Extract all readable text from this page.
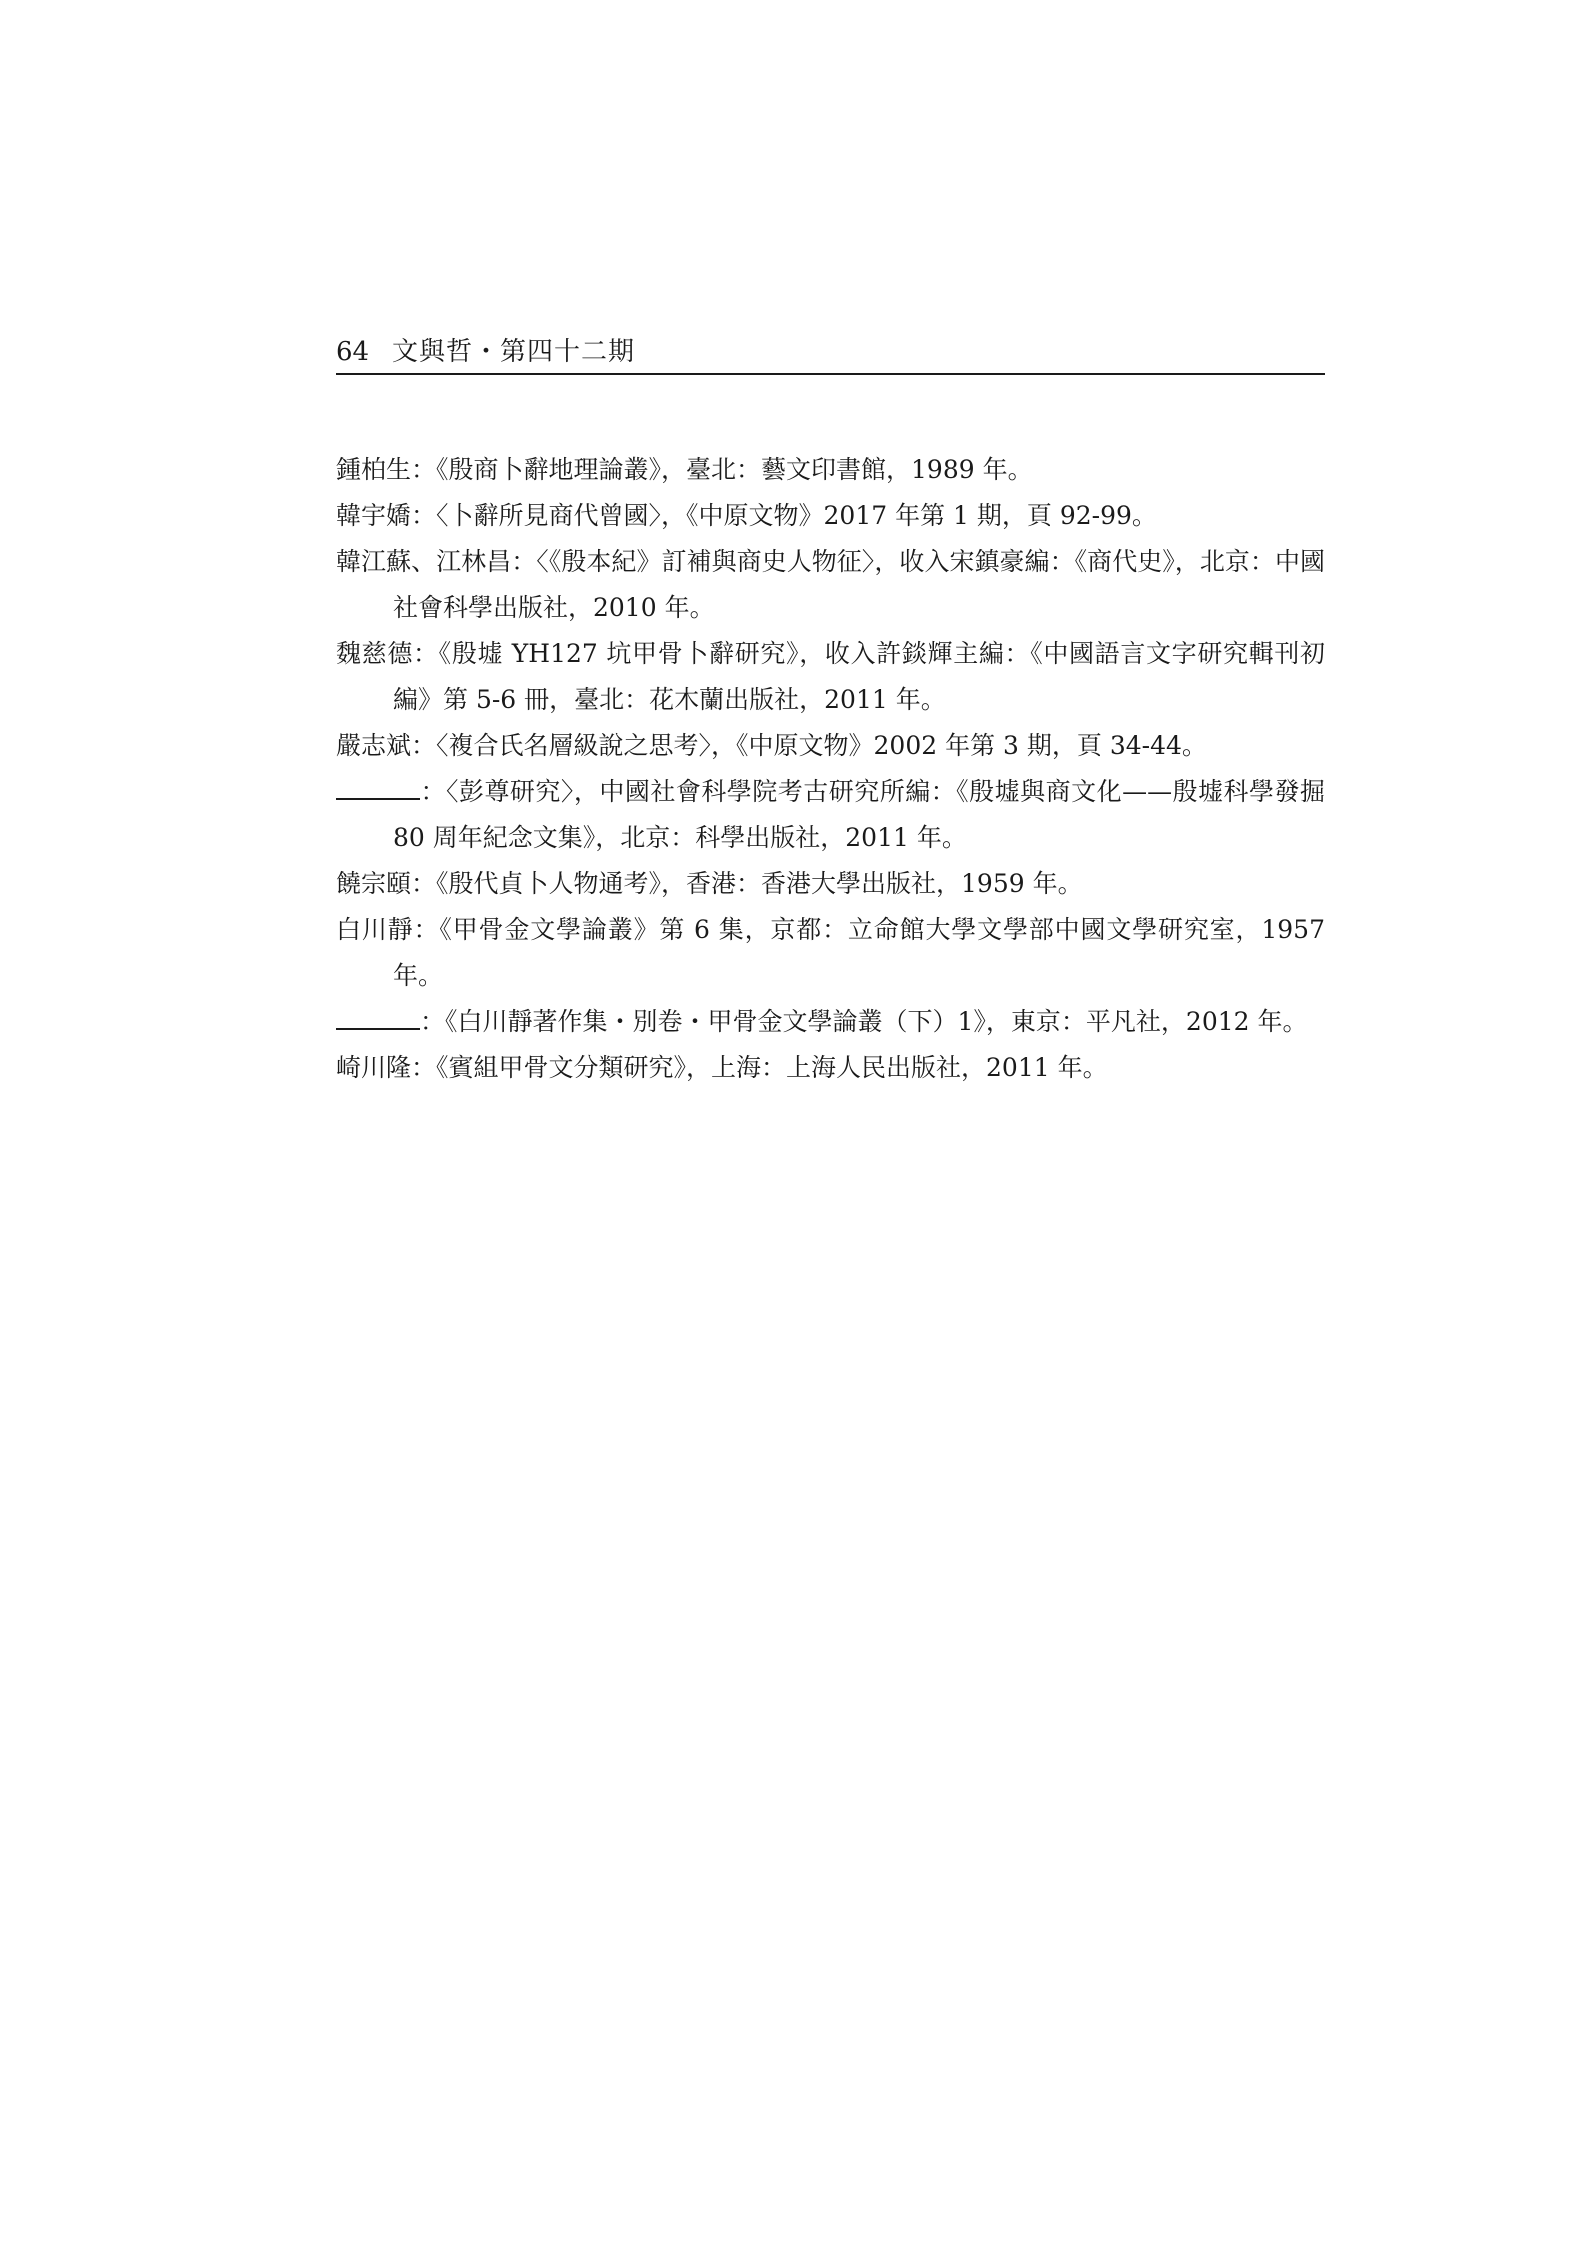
64 文與哲・第四十二期
鍾柏生：《殷商卜辭地理論叢》，臺北：藝文印書館，1989 年。
韓宇嬌：〈卜辭所見商代曾國〉，《中原文物》2017 年第 1 期，頁 92-99。
韓江蘇、江林昌：〈《殷本紀》訂補與商史人物征〉，收入宋鎮豪編：《商代史》，北京：中國社會科學出版社，2010 年。
魏慈德：《殷墟 YH127 坑甲骨卜辭研究》，收入許錟輝主編：《中國語言文字研究輯刊初編》第 5-6 冊，臺北：花木蘭出版社，2011 年。
嚴志斌：〈複合氏名層級說之思考〉，《中原文物》2002 年第 3 期，頁 34-44。
：〈彭尊研究〉，中國社會科學院考古研究所編：《殷墟與商文化——殷墟科學發掘 80 周年紀念文集》，北京：科學出版社，2011 年。
饒宗頤：《殷代貞卜人物通考》，香港：香港大學出版社，1959 年。
白川靜：《甲骨金文學論叢》第 6 集，京都：立命館大學文學部中國文學研究室，1957 年。
：《白川靜著作集・別卷・甲骨金文學論叢（下）1》，東京：平凡社，2012 年。
崎川隆：《賓組甲骨文分類研究》，上海：上海人民出版社，2011 年。
